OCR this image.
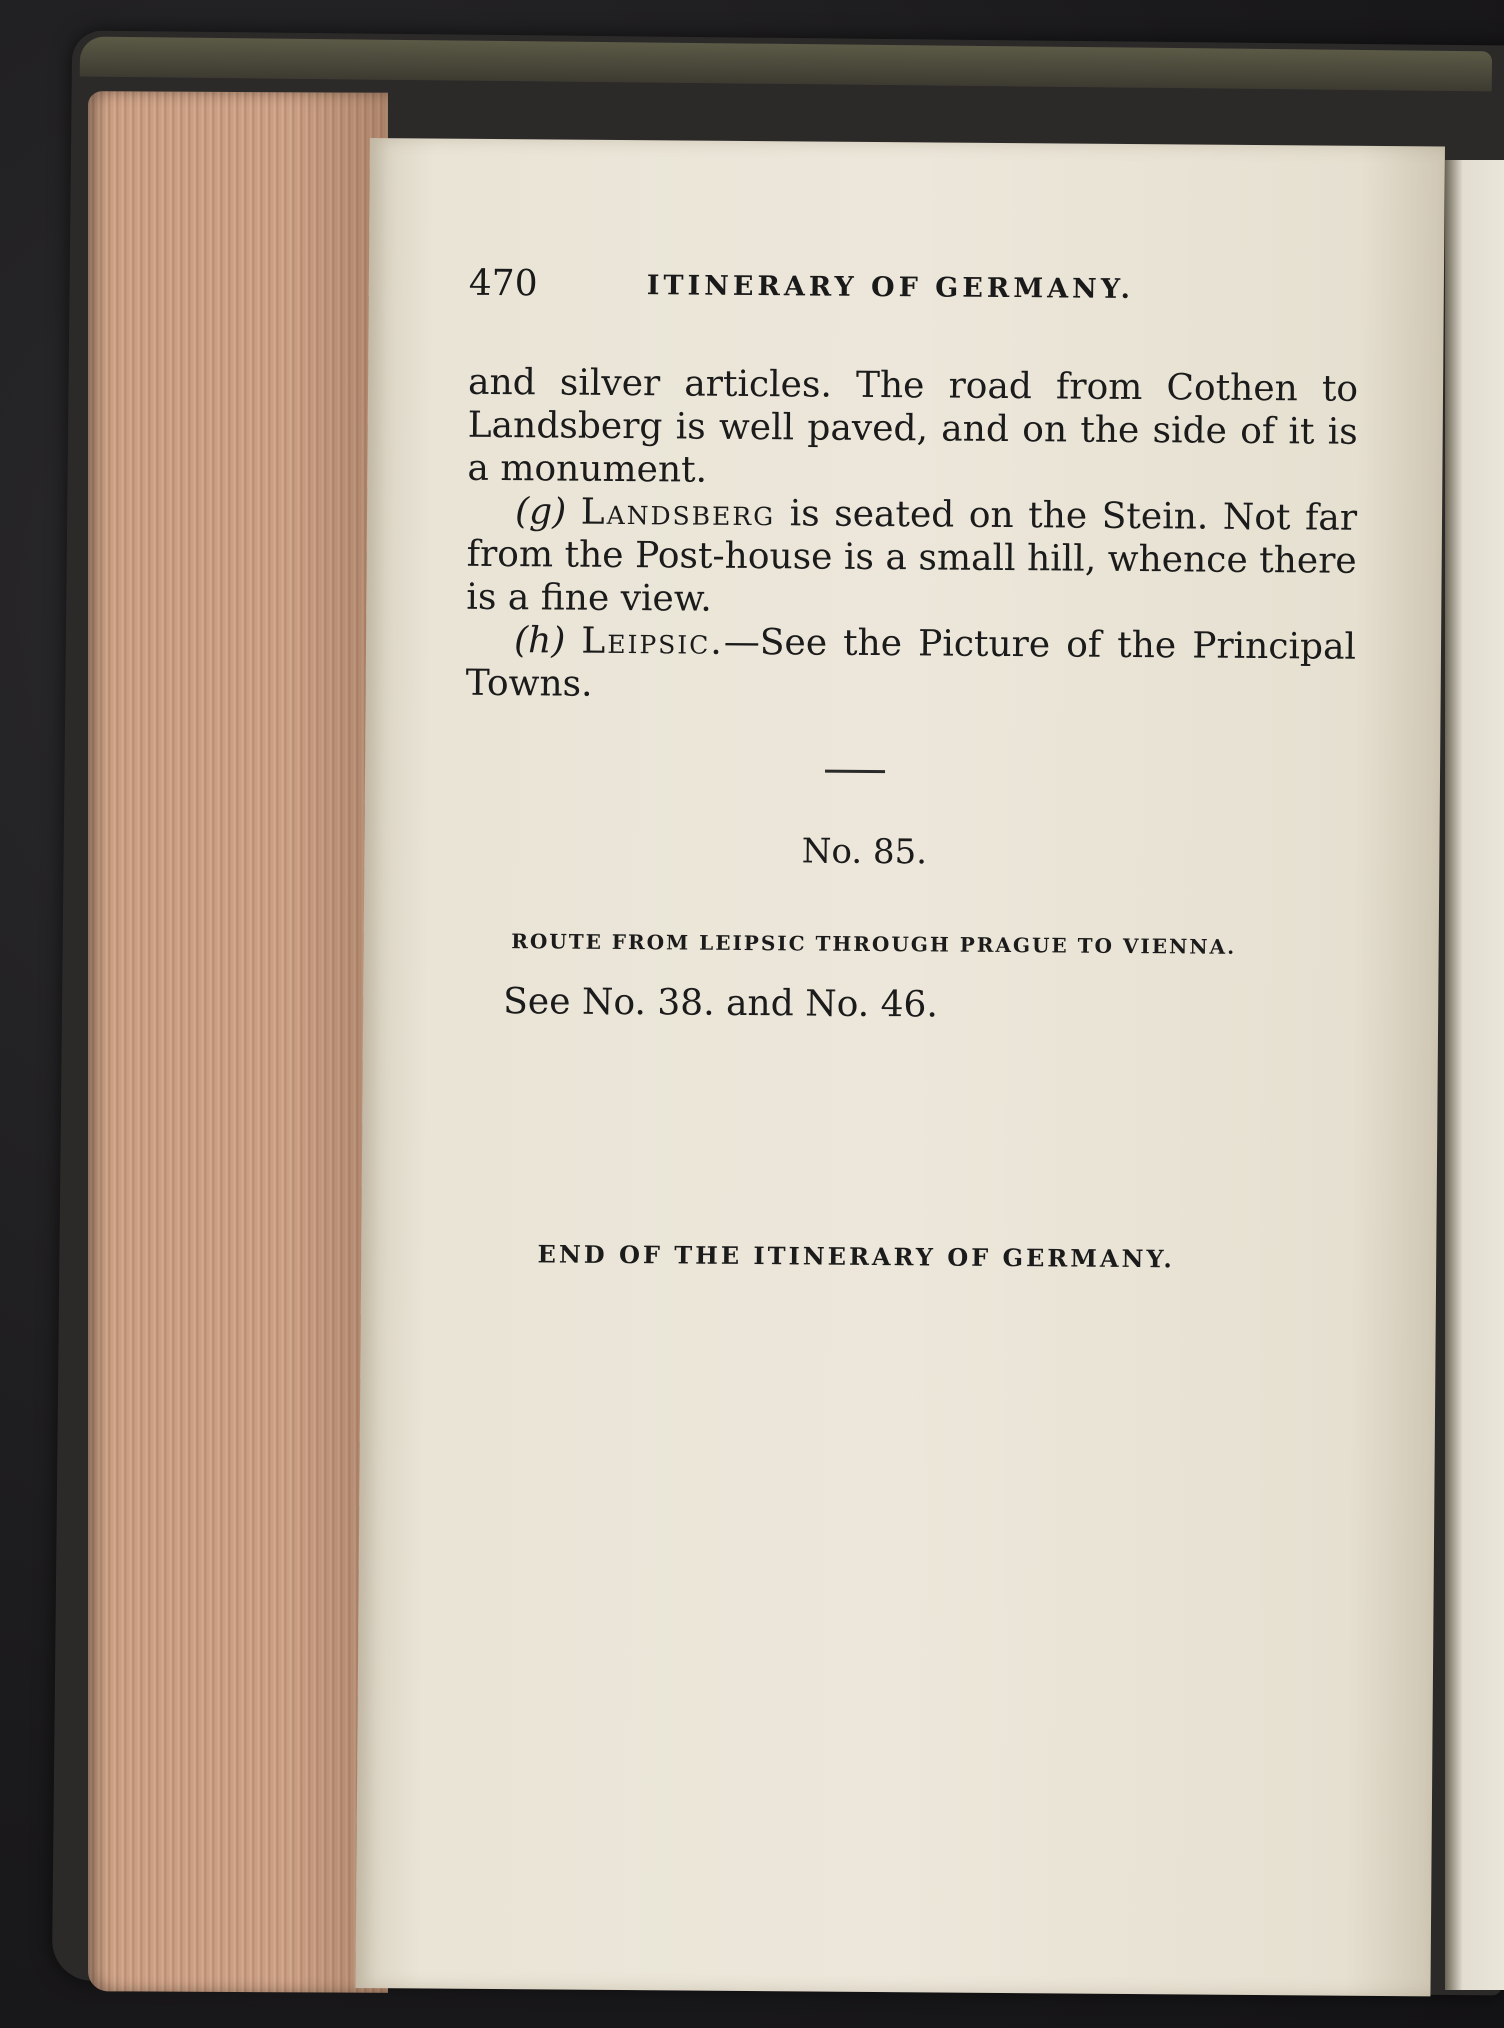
470	ITINERARY OF GERMANY.

and silver articles. The road from Cothen to Landsberg is well paved, and on the side of it is a monument.

(g) Landsberg is seated on the Stein. Not far from the Post-house is a small hill, whence there is a fine view.

(h) Leipsic.—See the Picture of the Principal Towns.

No. 85.
ROUTE FROM LEIPSIC THROUGH PRAGUE TO VIENNA.
See No. 38. and No. 46.
END OF THE ITINERARY OF GERMANY.
